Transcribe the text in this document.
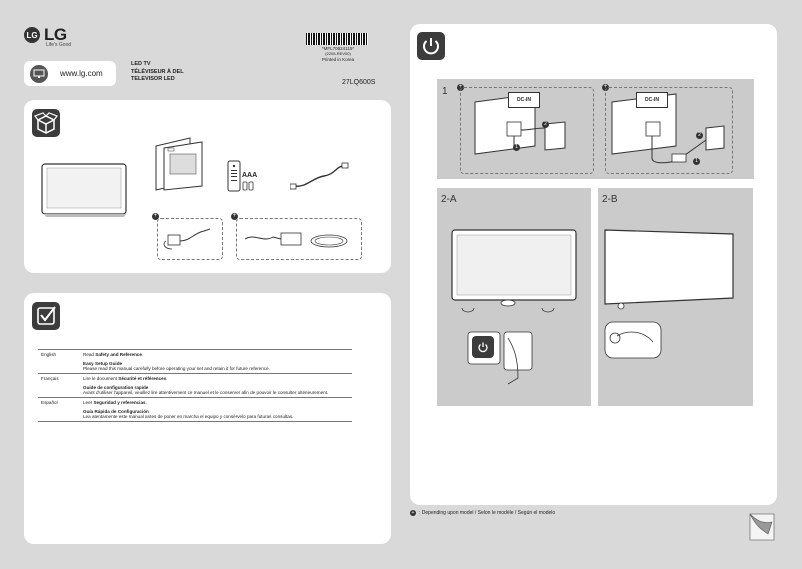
LG LG
Life's Good
www.lg.com
LED TV
TÉLÉVISEUR À DEL
TELEVISOR LED
*MFL70624115*
(2205-REV00)
Printed in Korea
27LQ600S
AAA
+	+
English	Read Safety and Reference.
	Easy Setup Guide
Please read this manual carefully before operating your set and retain it for future reference.
Français	Lire le document Sécurité et références.
	Guide de configuration rapide
Avant d'utiliser l'appareil, veuillez lire attentivement ce manuel et le conserver afin de pouvoir le consulter ultérieurement.
Español	Leer Seguridad y referencias.
	Guía Rápida de Configuración
Lea atentamente este manual antes de poner en marcha el equipo y consérvelo para futuras consultas.
1 +
DC-IN
+
DC-IN
1
2
1
2
2-A	2-B
+ : Depending upon model / Selon le modèle / Según el modelo
